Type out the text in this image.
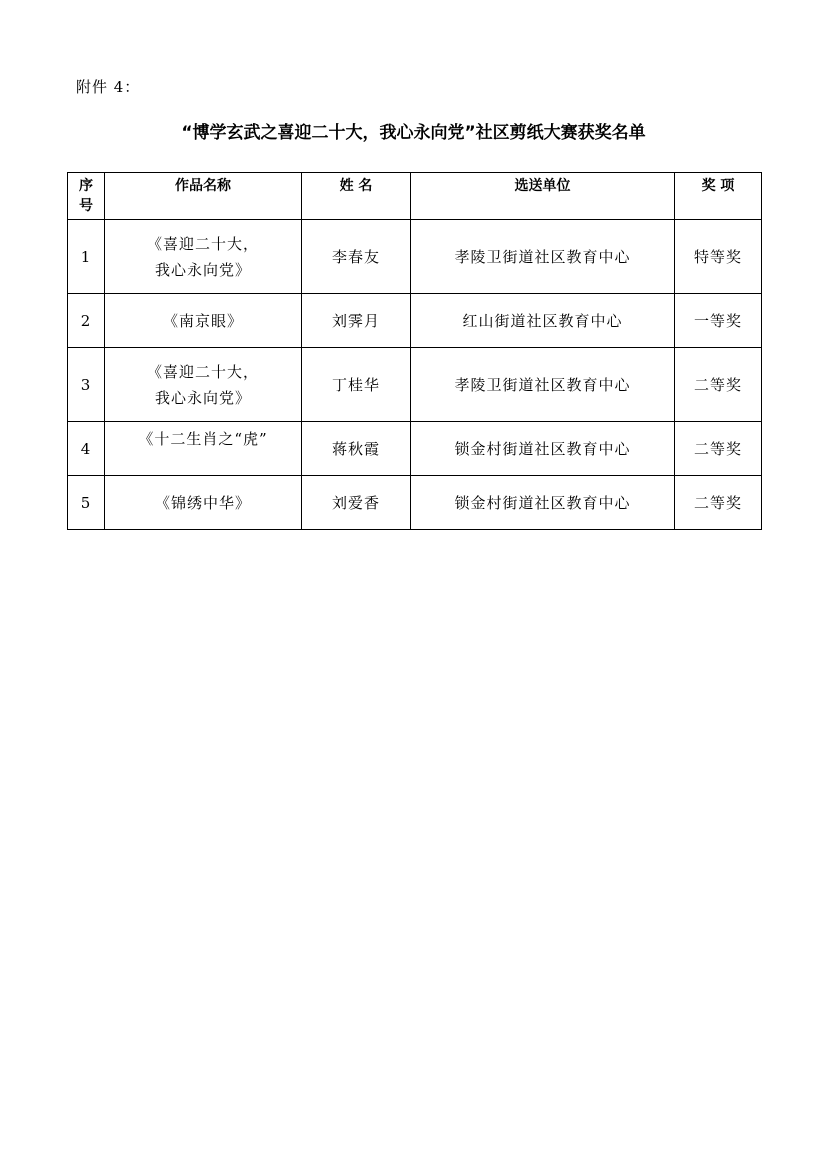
附件 4：
“博学玄武之喜迎二十大，我心永向党”社区剪纸大赛获奖名单
序
号	作品名称	姓 名	选送单位	奖 项
1	《喜迎二十大，
我心永向党》	李春友	孝陵卫街道社区教育中心	特等奖
2	《南京眼》	刘霁月	红山街道社区教育中心	一等奖
3	《喜迎二十大，
我心永向党》	丁桂华	孝陵卫街道社区教育中心	二等奖
4	《十二生肖之“虎”	蒋秋霞	锁金村街道社区教育中心	二等奖
5	《锦绣中华》	刘爱香	锁金村街道社区教育中心	二等奖
